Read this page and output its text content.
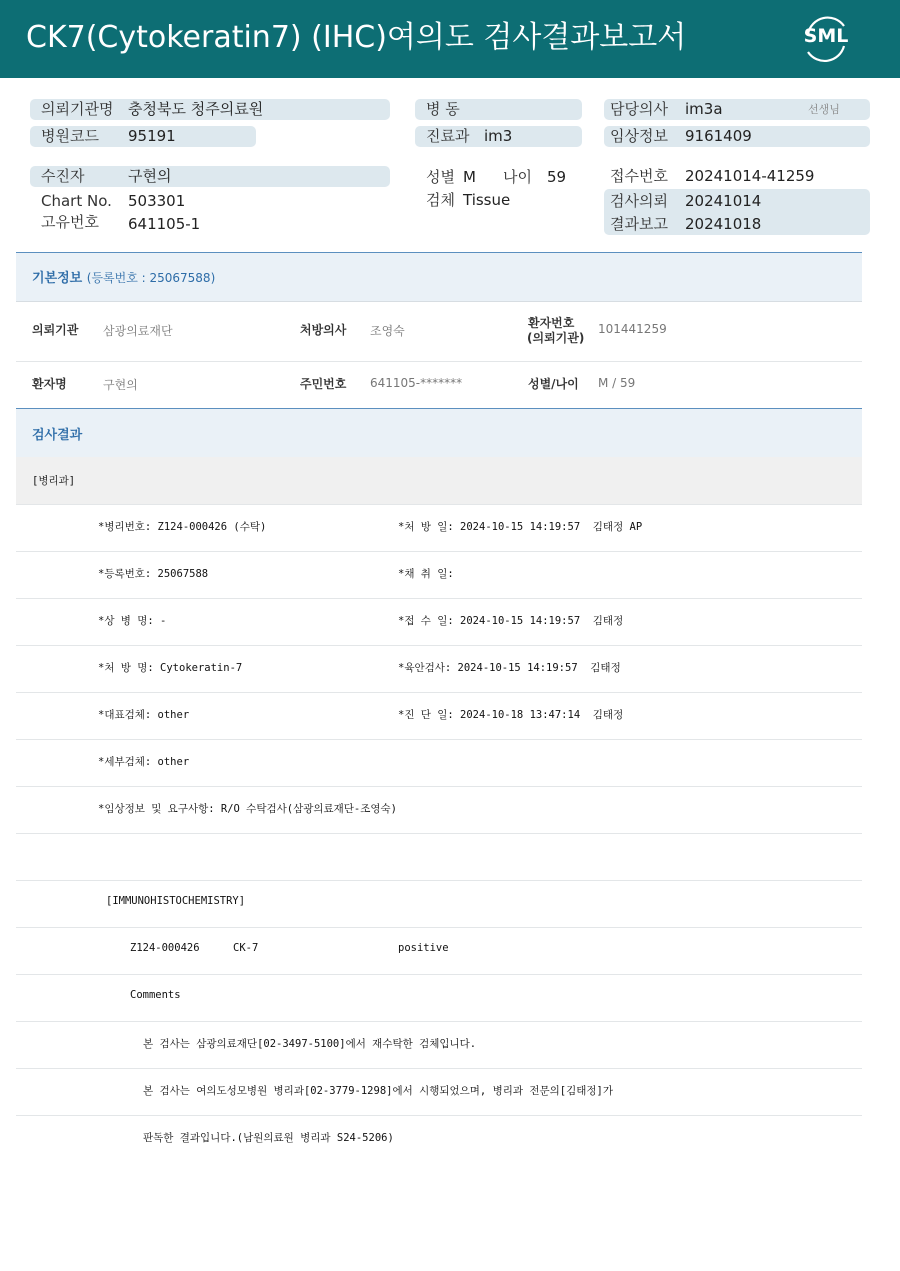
CK7(Cytokeratin7) (IHC)여의도 검사결과보고서	SML
의뢰기관명 충청북도 청주의료원
병원코드 95191
병 동
진료과 im3
담당의사 im3a	선생님
임상정보 9161409
수진자	구현의
Chart No. 503301
고유번호 641105-1
성별 M 나이 59
검체 Tissue
접수번호 20241014-41259
검사의뢰 20241014
결과보고 20241018
기본정보 (등록번호 : 25067588)
의뢰기관 삼광의료재단	처방의사 조영숙
환자번호
(의뢰기관)
101441259
환자명	구현의	주민번호 641105-*******	성별/나이 M / 59
검사결과
[병리과]
*병리번호: Z124-000426 (수탁)	*처 방 일: 2024-10-15 14:19:57  김태정 AP
*등록번호: 25067588	*채 취 일:
*상 병 명: -	*접 수 일: 2024-10-15 14:19:57  김태정
*처 방 명: Cytokeratin-7	*육안검사: 2024-10-15 14:19:57  김태정
*대표검체: other	*진 단 일: 2024-10-18 13:47:14  김태정
*세부검체: other
*임상정보 및 요구사항: R/O 수탁검사(삼광의료재단-조영숙)
[IMMUNOHISTOCHEMISTRY]
Z124-000426	CK-7	positive
Comments
본 검사는 삼광의료재단[02-3497-5100]에서 재수탁한 검체입니다.
본 검사는 여의도성모병원 병리과[02-3779-1298]에서 시행되었으며, 병리과 전문의[김태정]가
판독한 결과입니다.(남원의료원 병리과 S24-5206)
